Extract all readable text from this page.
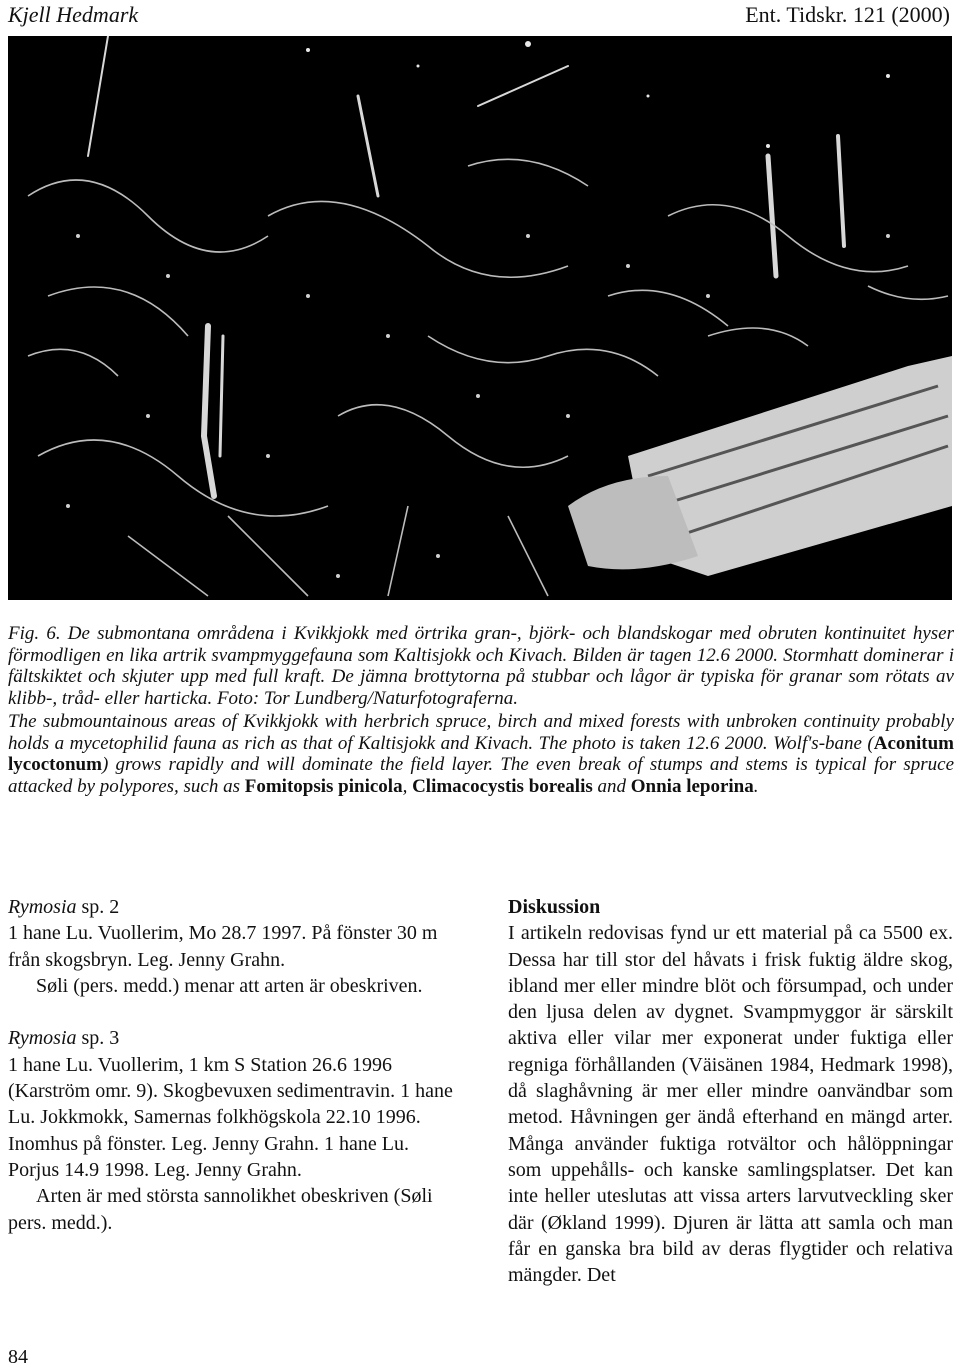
Kjell Hedmark	Ent. Tidskr. 121 (2000)

Fig. 6. De submontana områdena i Kvikkjokk med örtrika gran-, björk- och blandskogar med obruten kontinuitet hyser förmodligen en lika artrik svampmyggefauna som Kaltisjokk och Kivach. Bilden är tagen 12.6 2000. Stormhatt dominerar i fältskiktet och skjuter upp med full kraft. De jämna brottytorna på stubbar och lågor är typiska för granar som rötats av klibb-, tråd- eller harticka. Foto: Tor Lundberg/Naturfotograferna.

The submountainous areas of Kvikkjokk with herbrich spruce, birch and mixed forests with unbroken continuity probably holds a mycetophilid fauna as rich as that of Kaltisjokk and Kivach. The photo is taken 12.6 2000. Wolf's-bane (Aconitum lycoctonum) grows rapidly and will dominate the field layer. The even break of stumps and stems is typical for spruce attacked by polypores, such as Fomitopsis pinicola, Climacocystis borealis and Onnia leporina.

Rymosia sp. 2

1 hane Lu. Vuollerim, Mo 28.7 1997. På fönster 30 m från skogsbryn. Leg. Jenny Grahn.

Søli (pers. medd.) menar att arten är obeskriven.

Rymosia sp. 3

1 hane Lu. Vuollerim, 1 km S Station 26.6 1996 (Karström omr. 9). Skogbevuxen sedimentravin. 1 hane Lu. Jokkmokk, Samernas folkhögskola 22.10 1996. Inomhus på fönster. Leg. Jenny Grahn. 1 hane Lu. Porjus 14.9 1998. Leg. Jenny Grahn.

Arten är med största sannolikhet obeskriven (Søli pers. medd.).

Diskussion

I artikeln redovisas fynd ur ett material på ca 5500 ex. Dessa har till stor del håvats i frisk fuktig äldre skog, ibland mer eller mindre blöt och försumpad, och under den ljusa delen av dygnet. Svampmyggor är särskilt aktiva eller vilar mer exponerat under fuktiga eller regniga förhållanden (Väisänen 1984, Hedmark 1998), då slaghåvning är mer eller mindre oanvändbar som metod. Håvningen ger ändå efterhand en mängd arter. Många använder fuktiga rotvältor och hålöppningar som uppehålls- och kanske samlingsplatser. Det kan inte heller uteslutas att vissa arters larvutveckling sker där (Økland 1999). Djuren är lätta att samla och man får en ganska bra bild av deras flygtider och relativa mängder. Det

84
